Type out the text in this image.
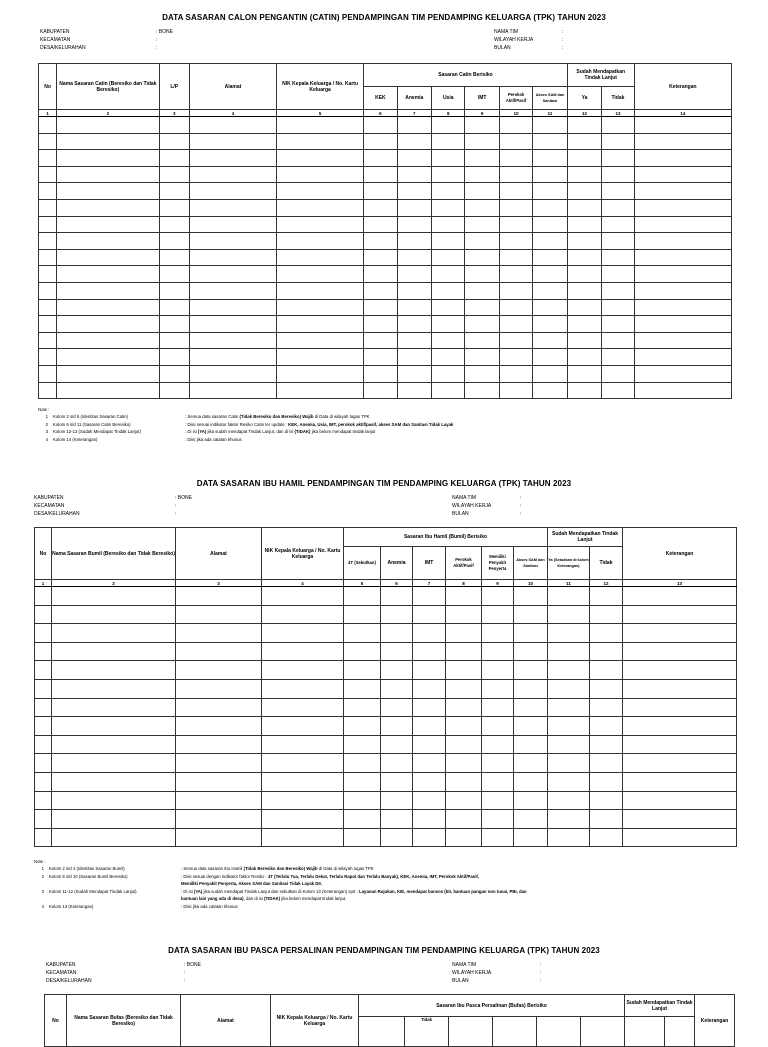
DATA SASARAN CALON PENGANTIN (CATIN) PENDAMPINGAN TIM PENDAMPING KELUARGA (TPK) TAHUN 2023
KABUPATEN	: BONE
KECAMATAN	:
DESA/KELURAHAN	:
NAMA TIM	:
WILAYAH KERJA	:
BULAN	:
No	Nama Sasaran Catin (Beresiko dan Tidak Beresiko)	L/P	Alamat	NIK Kepala Keluarga / No. Kartu Keluarga	Sasaran Catin Berisiko						Sudah Mendapatkan Tindak Lanjut		Keterangan
					KEK	Anemia	Usia	IMT	Perokok Aktif/Pasif	Akses SAM dan Sanitasi	Ya	Tidak	
1	2	3	4	5	6	7	8	9	10	11	12	13	14

Note :
1	Kolom 2 s/d 5 (Identitas Sasaran Catin)	: Semua data sasaran Catin (Tidak Beresiko dan Beresiko) Wajib di Data di wilayah tugas TPK
2	Kolom 6 s/d 11 (Sasaran Catin Beresiko)	: Diisi sesuai indikator faktor Resiko Catin ter update : KEK, Anemia, Usia, IMT, perokok aktif/pasif, akses SAM dan Sanitasi Tidak Layak
3	Kolom 12-13 (Sudah Mendapat Tindak Lanjut)	: Di isi (YA) jika sudah mendapat Tindak Lanjut, dan di isi (TIDAK) jika belum mendapat tindak lanjut
4	Kolom 14 (Keterangan)	: Diisi jika ada catatan khusus
DATA SASARAN IBU HAMIL PENDAMPINGAN TIM PENDAMPING KELUARGA (TPK) TAHUN 2023
KABUPATEN	: BONE
KECAMATAN	:
DESA/KELURAHAN	:
NAMA TIM	:
WILAYAH KERJA	:
BULAN	:
No	Nama Sasaran Bumil (Beresiko dan Tidak Beresiko)	Alamat	NIK Kepala Keluarga / No. Kartu Keluarga	Sasaran Ibu Hamil (Bumil) Berisiko						Sudah Mendapatkan Tindak Lanjut		Keterangan
				4T (Sebutkan)	Anemia	IMT	Perokok Aktif/Pasif	Memiliki Penyakit Penyerta	Akses SAM dan Sanitasi	Ya (Sebutkan di kolom Keterangan)	Tidak	
1	2	3	4	5	6	7	8	9	10	11	12	13

Note :
1	Kolom 2 s/d 4 (Identitas Sasaran Bumil)	: Semua data sasaran Ibu Hamil (Tidak Beresiko dan Beresiko) Wajib di Data di wilayah tugas TPK
2	Kolom 5 s/d 10 (Sasaran Bumil Beresiko)	: Diisi sesuai dengan indikator faktor Resiko : 4T (Terlalu Tua, Terlalu Dekat, Terlalu Rapat dan Terlalu Banyak), KEK, Anemia, IMT, Perokok Aktif/Pasif,
Memiliki Penyakit Penyerta, Akses SAM dan Sanitasi Tidak Layak DII.
3	Kolom 11-12 (Sudah Mendapat Tindak Lanjut)	: Di isi (YA) jika sudah mendapat Tindak Lanjut dan sebutkan di Kolom 13 (Keterangan) sprt : Layanan Rujukan, KIE, mendapat bansos (bit, bantuan pangan non tunai, PBI, dan
bantuan lain yang ada di desa), dan di isi (TIDAK) jika belum mendapat tindak lanjut.
4	Kolom 13 (Keterangan)	: Diisi jika ada catatan khusus
DATA SASARAN IBU PASCA PERSALINAN PENDAMPINGAN TIM PENDAMPING KELUARGA (TPK) TAHUN 2023
KABUPATEN	: BONE
KECAMATAN	:
DESA/KELURAHAN	:
NAMA TIM	:
WILAYAH KERJA	:
BULAN	:
No	Nama Sasaran Bufas (Beresiko dan Tidak Beresiko)	Alamat	NIK Kepala Keluarga / No. Kartu Keluarga	Sasaran Ibu Pasca Persalinan (Bufas) Berisiko						Sudah Mendapatkan Tindak Lanjut		Keterangan
					Tidak							
